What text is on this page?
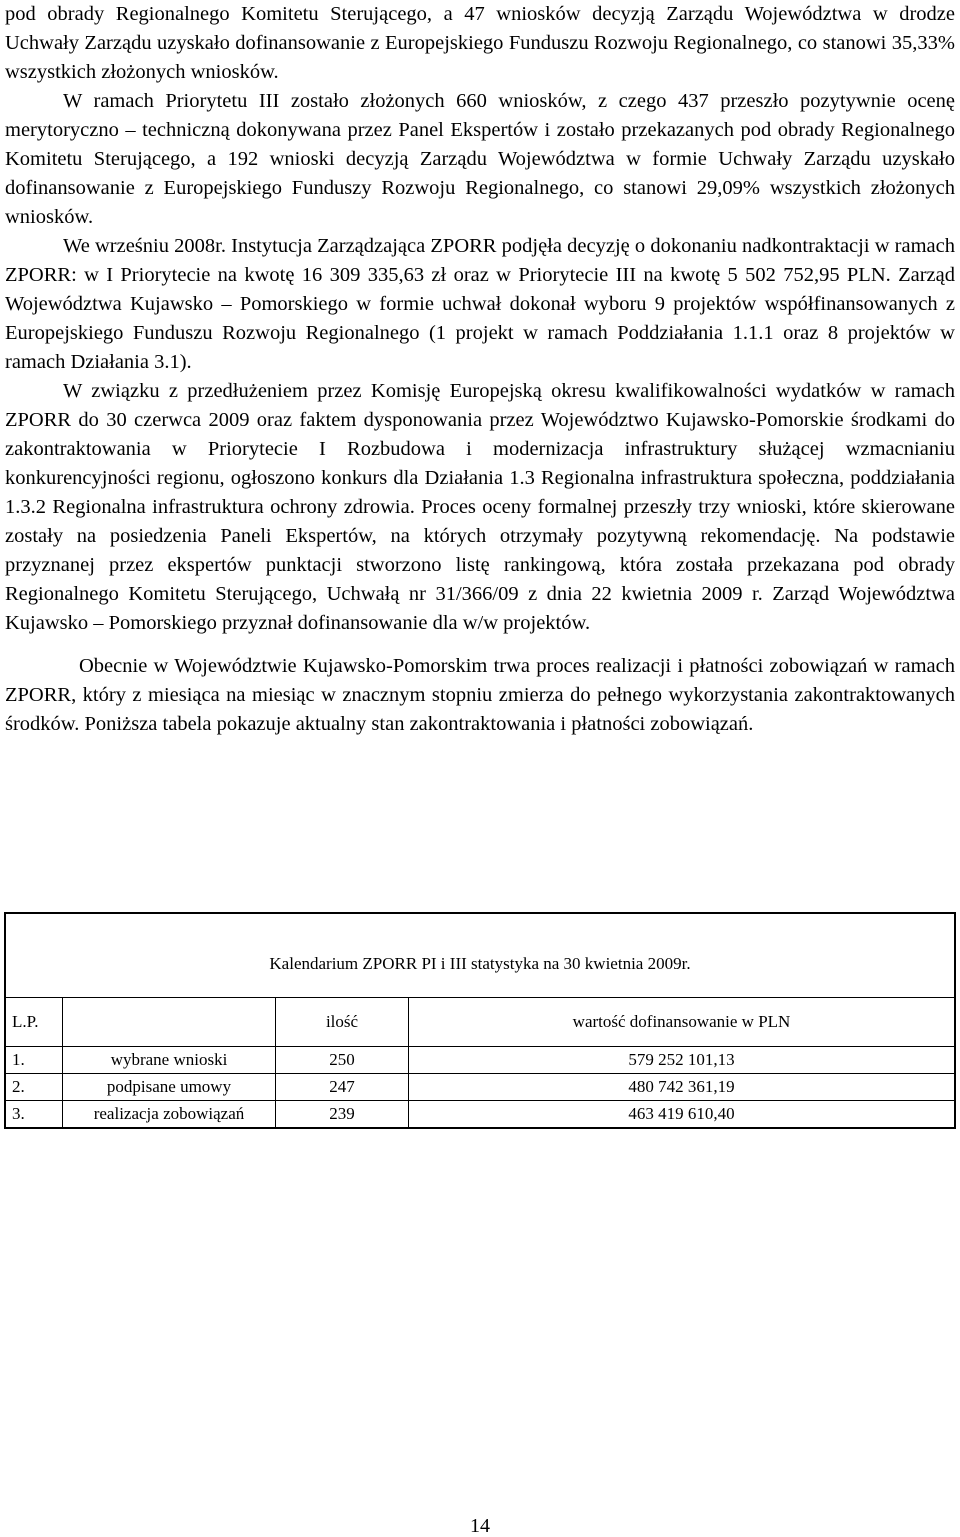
pod obrady Regionalnego Komitetu Sterującego, a 47 wniosków decyzją Zarządu Województwa w drodze Uchwały Zarządu uzyskało dofinansowanie z Europejskiego Funduszu Rozwoju Regionalnego, co stanowi 35,33% wszystkich złożonych wniosków.

W ramach Priorytetu III zostało złożonych 660 wniosków, z czego 437 przeszło pozytywnie ocenę merytoryczno – techniczną dokonywana przez Panel Ekspertów i zostało przekazanych pod obrady Regionalnego Komitetu Sterującego, a 192 wnioski decyzją Zarządu Województwa w formie Uchwały Zarządu uzyskało dofinansowanie z Europejskiego Funduszy Rozwoju Regionalnego, co stanowi 29,09% wszystkich złożonych wniosków.

We wrześniu 2008r. Instytucja Zarządzająca ZPORR podjęła decyzję o dokonaniu nadkontraktacji w ramach ZPORR: w I Priorytecie na kwotę 16 309 335,63 zł oraz w Priorytecie III na kwotę 5 502 752,95 PLN. Zarząd Województwa Kujawsko – Pomorskiego w formie uchwał dokonał wyboru 9 projektów współfinansowanych z Europejskiego Funduszu Rozwoju Regionalnego (1 projekt w ramach Poddziałania 1.1.1 oraz 8 projektów w ramach Działania 3.1).

W związku z przedłużeniem przez Komisję Europejską okresu kwalifikowalności wydatków w ramach ZPORR do 30 czerwca 2009 oraz faktem dysponowania przez Województwo Kujawsko-Pomorskie środkami do zakontraktowania w Priorytecie I Rozbudowa i modernizacja infrastruktury służącej wzmacnianiu konkurencyjności regionu, ogłoszono konkurs dla Działania 1.3 Regionalna infrastruktura społeczna, poddziałania 1.3.2 Regionalna infrastruktura ochrony zdrowia. Proces oceny formalnej przeszły trzy wnioski, które skierowane zostały na posiedzenia Paneli Ekspertów, na których otrzymały pozytywną rekomendację. Na podstawie przyznanej przez ekspertów punktacji stworzono listę rankingową, która została przekazana pod obrady Regionalnego Komitetu Sterującego, Uchwałą nr 31/366/09 z dnia 22 kwietnia 2009 r. Zarząd Województwa Kujawsko – Pomorskiego przyznał dofinansowanie dla w/w projektów.

Obecnie w Województwie Kujawsko-Pomorskim trwa proces realizacji i płatności zobowiązań w ramach ZPORR, który z miesiąca na miesiąc w znacznym stopniu zmierza do pełnego wykorzystania zakontraktowanych środków. Poniższa tabela pokazuje aktualny stan zakontraktowania i płatności zobowiązań.

Kalendarium ZPORR PI i III statystyka na 30 kwietnia 2009r.			
L.P.		ilość	wartość dofinansowanie w PLN
1.	wybrane wnioski	250	579 252 101,13
2.	podpisane umowy	247	480 742 361,19
3.	realizacja zobowiązań	239	463 419 610,40
14
